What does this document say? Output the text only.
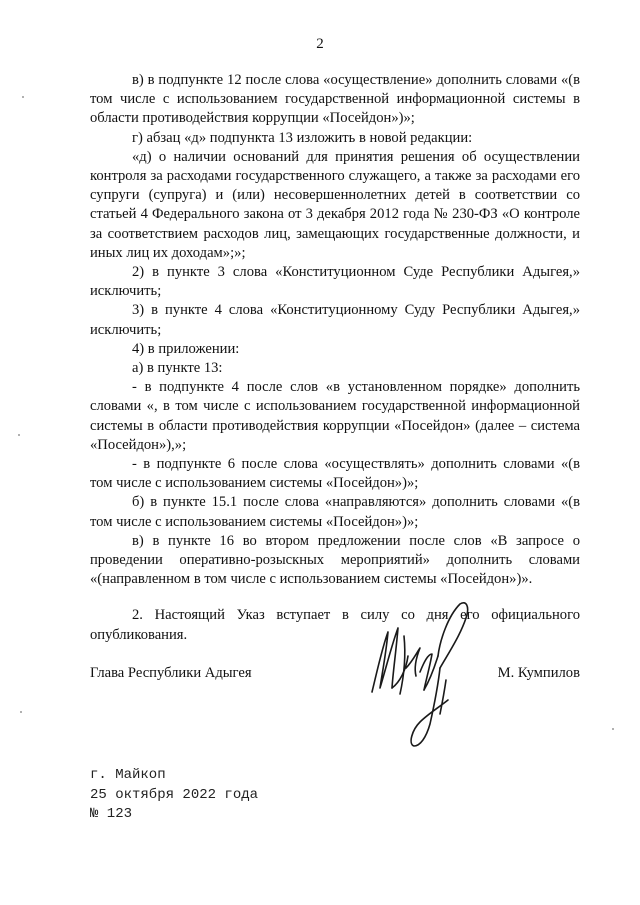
2

в) в подпункте 12 после слова «осуществление» дополнить словами «(в том числе с использованием государственной информационной системы в области противодействия коррупции «Посейдон»)»;

г) абзац «д» подпункта 13 изложить в новой редакции:

«д) о наличии оснований для принятия решения об осуществлении контроля за расходами государственного служащего, а также за расходами его супруги (супруга) и (или) несовершеннолетних детей в соответствии со статьей 4 Федерального закона от 3 декабря 2012 года № 230-ФЗ «О контроле за соответствием расходов лиц, замещающих государственные должности, и иных лиц их доходам»;»;

2) в пункте 3 слова «Конституционном Суде Республики Адыгея,» исключить;

3) в пункте 4 слова «Конституционному Суду Республики Адыгея,» исключить;

4) в приложении:

а) в пункте 13:

- в подпункте 4 после слов «в установленном порядке» дополнить словами «, в том числе с использованием государственной информационной системы в области противодействия коррупции «Посейдон» (далее – система «Посейдон»),»;

- в подпункте 6 после слова «осуществлять» дополнить словами «(в том числе с использованием системы «Посейдон»)»;

б) в пункте 15.1 после слова «направляются» дополнить словами «(в том числе с использованием системы «Посейдон»)»;

в) в пункте 16 во втором предложении после слов «В запросе о проведении оперативно-розыскных мероприятий» дополнить словами «(направленном в том числе с использованием системы «Посейдон»)».

2. Настоящий Указ вступает в силу со дня его официального опубликования.

Глава Республики Адыгея	М. Кумпилов
г. Майкоп
25 октября 2022 года
№ 123
